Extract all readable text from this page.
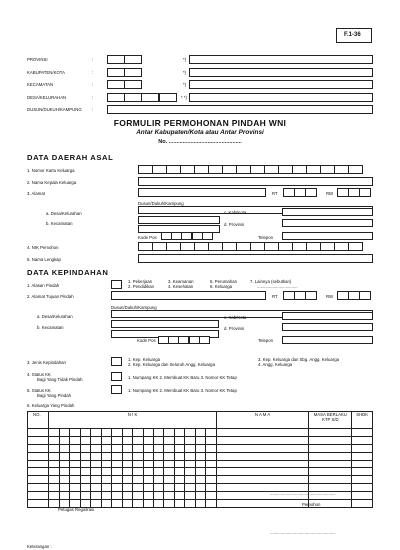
F.1-36
PROVINSI	:	*)
KABUPATEN/KOTA	:	*)
KECAMATAN	:	*)
DESA/KELURAHAN	:	* *)
DUSUN/DUKUH/KAMPUNG :
FORMULIR PERMOHONAN PINDAH WNI
Antar Kabupaten/Kota atau Antar Provinsi
No. ...............................................
DATA DAERAH ASAL
1. Nomor Kartu Keluarga
2. Nama Kepala Keluarga
3. Alamat	RT	RW
Dusun/Dukuh/Kampung
a. Desa/Kelurahan	c. Kab/Kota
b. Kecamatan	d. Provinsi
Kode Pos	Telepon
4. NIK Pemohon
5. Nama Lengkap
DATA KEPINDAHAN
1. Alasan Pindah
1. Pekerjaan
2. Pendidikan
3. Keamanan
4. Kesehatan
5. Perumahan
6. Keluarga
7. Lainnya (sebutkan)
..................................
2. Alamat Tujuan Pindah	RT	RW
Dusun/Dukuh/Kampung
a. Desa/Kelurahan	c. Kab/Kota
b. Kecamatan	d. Provinsi
Kode Pos	Telepon
3. Jenis Kepindahan
1. Kep. Keluarga
2. Kep. Keluarga dan Seluruh Angg. Keluarga
3. Kep. Keluarga dan Sbg. Angg. Keluarga
4. Angg. Keluarga
4. Status KK
Bagi Yang Tidak Pindah	1. Numpang KK 2. Membuat KK Baru 3. Nomor KK Tetap
5. Status KK
Bagi Yang Pindah
1. Numpang KK 2. Membuat KK Baru 3. Nomor KK Tetap
6. Keluarga Yang Pindah
NO.	N I K																N A M A	MASA BERLAKU KTP S/D	SHDK

.......................................................
Pemohon
Petugas Registrasi
.......................................................
Keterangan :
